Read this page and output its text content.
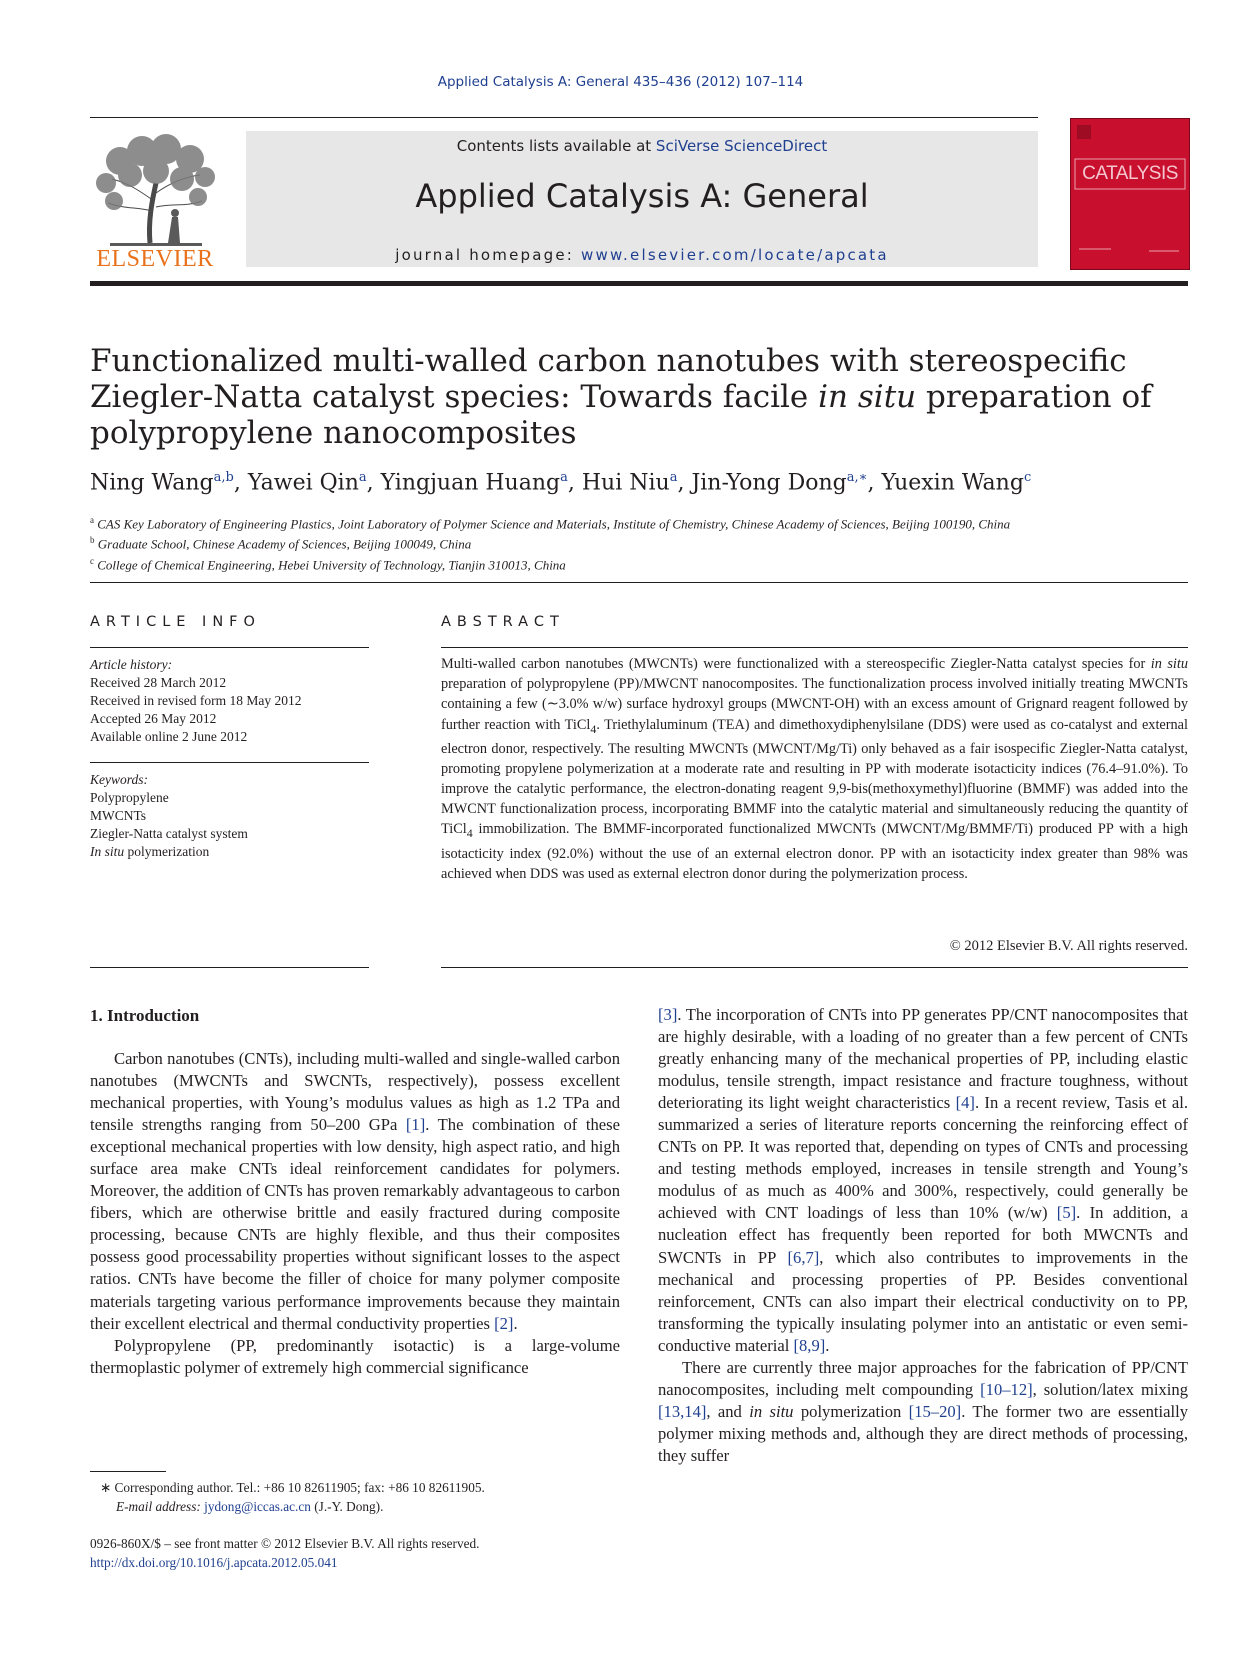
Applied Catalysis A: General 435–436 (2012) 107–114
ELSEVIER
Contents lists available at SciVerse ScienceDirect
Applied Catalysis A: General
journal homepage: www.elsevier.com/locate/apcata
CATALYSIS
Functionalized multi-walled carbon nanotubes with stereospecific Ziegler-Natta catalyst species: Towards facile in situ preparation of polypropylene nanocomposites
Ning Wang$^{a,b}$, Yawei Qin$^a$, Yingjuan Huang$^a$, Hui Niu$^a$, Jin-Yong Dong$^{a,∗}$, Yuexin Wang$^c$
$^a$ CAS Key Laboratory of Engineering Plastics, Joint Laboratory of Polymer Science and Materials, Institute of Chemistry, Chinese Academy of Sciences, Beijing 100190, China
$^b$ Graduate School, Chinese Academy of Sciences, Beijing 100049, China
$^c$ College of Chemical Engineering, Hebei University of Technology, Tianjin 310013, China
ARTICLE INFO
Article history:
Received 28 March 2012
Received in revised form 18 May 2012
Accepted 26 May 2012
Available online 2 June 2012
Keywords:
Polypropylene
MWCNTs
Ziegler-Natta catalyst system
In situ polymerization
ABSTRACT

Multi-walled carbon nanotubes (MWCNTs) were functionalized with a stereospecific Ziegler-Natta catalyst species for in situ preparation of polypropylene (PP)/MWCNT nanocomposites. The functionalization process involved initially treating MWCNTs containing a few (∼3.0% w/w) surface hydroxyl groups (MWCNT-OH) with an excess amount of Grignard reagent followed by further reaction with TiCl$_4$. Triethylaluminum (TEA) and dimethoxydiphenylsilane (DDS) were used as co-catalyst and external electron donor, respectively. The resulting MWCNTs (MWCNT/Mg/Ti) only behaved as a fair isospecific Ziegler-Natta catalyst, promoting propylene polymerization at a moderate rate and resulting in PP with moderate isotacticity indices (76.4–91.0%). To improve the catalytic performance, the electron-donating reagent 9,9-bis(methoxymethyl)fluorine (BMMF) was added into the MWCNT functionalization process, incorporating BMMF into the catalytic material and simultaneously reducing the quantity of TiCl$_4$ immobilization. The BMMF-incorporated functionalized MWCNTs (MWCNT/Mg/BMMF/Ti) produced PP with a high isotacticity index (92.0%) without the use of an external electron donor. PP with an isotacticity index greater than 98% was achieved when DDS was used as external electron donor during the polymerization process.

© 2012 Elsevier B.V. All rights reserved.
1. Introduction

Carbon nanotubes (CNTs), including multi-walled and single-walled carbon nanotubes (MWCNTs and SWCNTs, respectively), possess excellent mechanical properties, with Young’s modulus values as high as 1.2 TPa and tensile strengths ranging from 50–200 GPa [1]. The combination of these exceptional mechanical properties with low density, high aspect ratio, and high surface area make CNTs ideal reinforcement candidates for polymers. Moreover, the addition of CNTs has proven remarkably advantageous to carbon fibers, which are otherwise brittle and easily fractured during composite processing, because CNTs are highly flexible, and thus their composites possess good processability properties without significant losses to the aspect ratios. CNTs have become the filler of choice for many polymer composite materials targeting various performance improvements because they maintain their excellent electrical and thermal conductivity properties [2].

Polypropylene (PP, predominantly isotactic) is a large-volume thermoplastic polymer of extremely high commercial significance

[3]. The incorporation of CNTs into PP generates PP/CNT nanocomposites that are highly desirable, with a loading of no greater than a few percent of CNTs greatly enhancing many of the mechanical properties of PP, including elastic modulus, tensile strength, impact resistance and fracture toughness, without deteriorating its light weight characteristics [4]. In a recent review, Tasis et al. summarized a series of literature reports concerning the reinforcing effect of CNTs on PP. It was reported that, depending on types of CNTs and processing and testing methods employed, increases in tensile strength and Young’s modulus of as much as 400% and 300%, respectively, could generally be achieved with CNT loadings of less than 10% (w/w) [5]. In addition, a nucleation effect has frequently been reported for both MWCNTs and SWCNTs in PP [6,7], which also contributes to improvements in the mechanical and processing properties of PP. Besides conventional reinforcement, CNTs can also impart their electrical conductivity on to PP, transforming the typically insulating polymer into an antistatic or even semi-conductive material [8,9].

There are currently three major approaches for the fabrication of PP/CNT nanocomposites, including melt compounding [10–12], solution/latex mixing [13,14], and in situ polymerization [15–20]. The former two are essentially polymer mixing methods and, although they are direct methods of processing, they suffer

∗ Corresponding author. Tel.: +86 10 82611905; fax: +86 10 82611905.
E-mail address: jydong@iccas.ac.cn (J.-Y. Dong).
0926-860X/$ – see front matter © 2012 Elsevier B.V. All rights reserved.
http://dx.doi.org/10.1016/j.apcata.2012.05.041
